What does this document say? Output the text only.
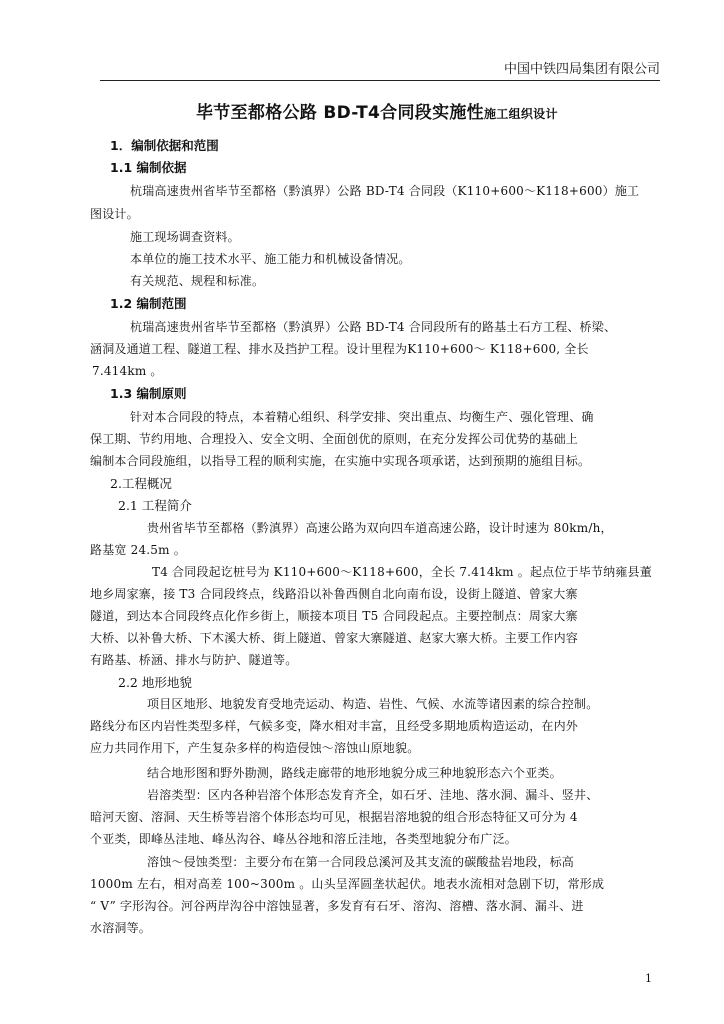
中国中铁四局集团有限公司
毕节至都格公路 BD-T4合同段实施性施工组织设计
1．编制依据和范围
1.1 编制依据
杭瑞高速贵州省毕节至都格（黔滇界）公路 BD-T4 合同段（K110+600～K118+600）施工
图设计。
施工现场调查资料。
本单位的施工技术水平、施工能力和机械设备情况。
有关规范、规程和标准。
1.2 编制范围
杭瑞高速贵州省毕节至都格（黔滇界）公路 BD-T4 合同段所有的路基土石方工程、桥梁、
涵洞及通道工程、隧道工程、排水及挡护工程。设计里程为K110+600～ K118+600, 全长
7.414km 。
1.3 编制原则
针对本合同段的特点，本着精心组织、科学安排、突出重点、均衡生产、强化管理、确
保工期、节约用地、合理投入、安全文明、全面创优的原则，在充分发挥公司优势的基础上
编制本合同段施组，以指导工程的顺利实施，在实施中实现各项承诺，达到预期的施组目标。
2.工程概况
2.1 工程简介
贵州省毕节至都格（黔滇界）高速公路为双向四车道高速公路，设计时速为 80km/h，
路基宽 24.5m 。
T4 合同段起讫桩号为 K110+600～K118+600，全长 7.414km 。起点位于毕节纳雍县董
地乡周家寨，接 T3 合同段终点，线路沿以补鲁西侧自北向南布设，设街上隧道、曾家大寨
隧道，到达本合同段终点化作乡街上，顺接本项目 T5 合同段起点。主要控制点：周家大寨
大桥、以补鲁大桥、下木溪大桥、街上隧道、曾家大寨隧道、赵家大寨大桥。主要工作内容
有路基、桥涵、排水与防护、隧道等。
2.2 地形地貌
项目区地形、地貌发育受地壳运动、构造、岩性、气候、水流等诸因素的综合控制。
路线分布区内岩性类型多样，气候多变，降水相对丰富，且经受多期地质构造运动，在内外
应力共同作用下，产生复杂多样的构造侵蚀～溶蚀山原地貌。
结合地形图和野外勘测，路线走廊带的地形地貌分成三种地貌形态六个亚类。
岩溶类型：区内各种岩溶个体形态发育齐全，如石牙、洼地、落水洞、漏斗、竖井、
暗河天窗、溶洞、天生桥等岩溶个体形态均可见，根据岩溶地貌的组合形态特征又可分为 4
个亚类，即峰丛洼地、峰丛沟谷、峰丛谷地和溶丘洼地，各类型地貌分布广泛。
溶蚀～侵蚀类型：主要分布在第一合同段总溪河及其支流的碳酸盐岩地段，标高
1000m 左右，相对高差 100~300m 。山头呈浑圆垄状起伏。地表水流相对急剧下切，常形成
“ V” 字形沟谷。河谷两岸沟谷中溶蚀显著，多发育有石牙、溶沟、溶槽、落水洞、漏斗、进
水溶洞等。
1
